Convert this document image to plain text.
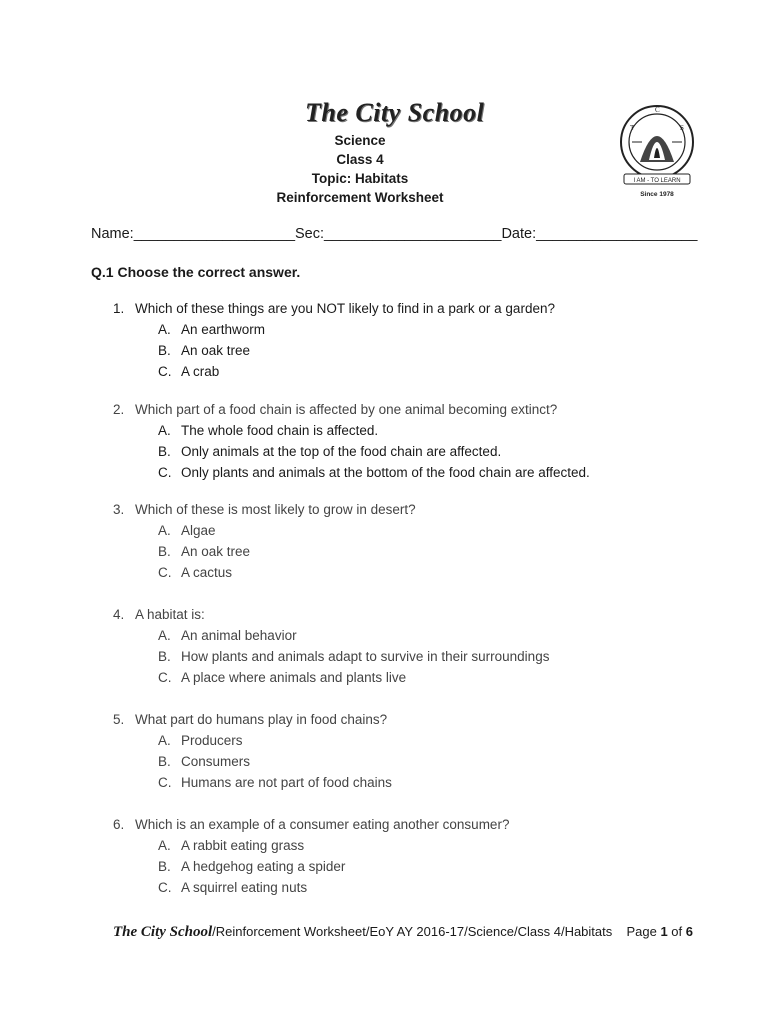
The City School
T
C
S
I AM - TO LEARN
Since 1978
Science
Class 4
Topic: Habitats
Reinforcement Worksheet
Name:____________________Sec:______________________Date:____________________
Q.1 Choose the correct answer.
1. Which of these things are you NOT likely to find in a park or a garden?
A. An earthworm
B. An oak tree
C. A crab
2. Which part of a food chain is affected by one animal becoming extinct?
A. The whole food chain is affected.
B. Only animals at the top of the food chain are affected.
C. Only plants and animals at the bottom of the food chain are affected.
3. Which of these is most likely to grow in desert?
A. Algae
B. An oak tree
C. A cactus
4. A habitat is:
A. An animal behavior
B. How plants and animals adapt to survive in their surroundings
C. A place where animals and plants live
5. What part do humans play in food chains?
A. Producers
B. Consumers
C. Humans are not part of food chains
6. Which is an example of a consumer eating another consumer?
A. A rabbit eating grass
B. A hedgehog eating a spider
C. A squirrel eating nuts
The City School/Reinforcement Worksheet/EoY AY 2016-17/Science/Class 4/Habitats Page 1 of 6
